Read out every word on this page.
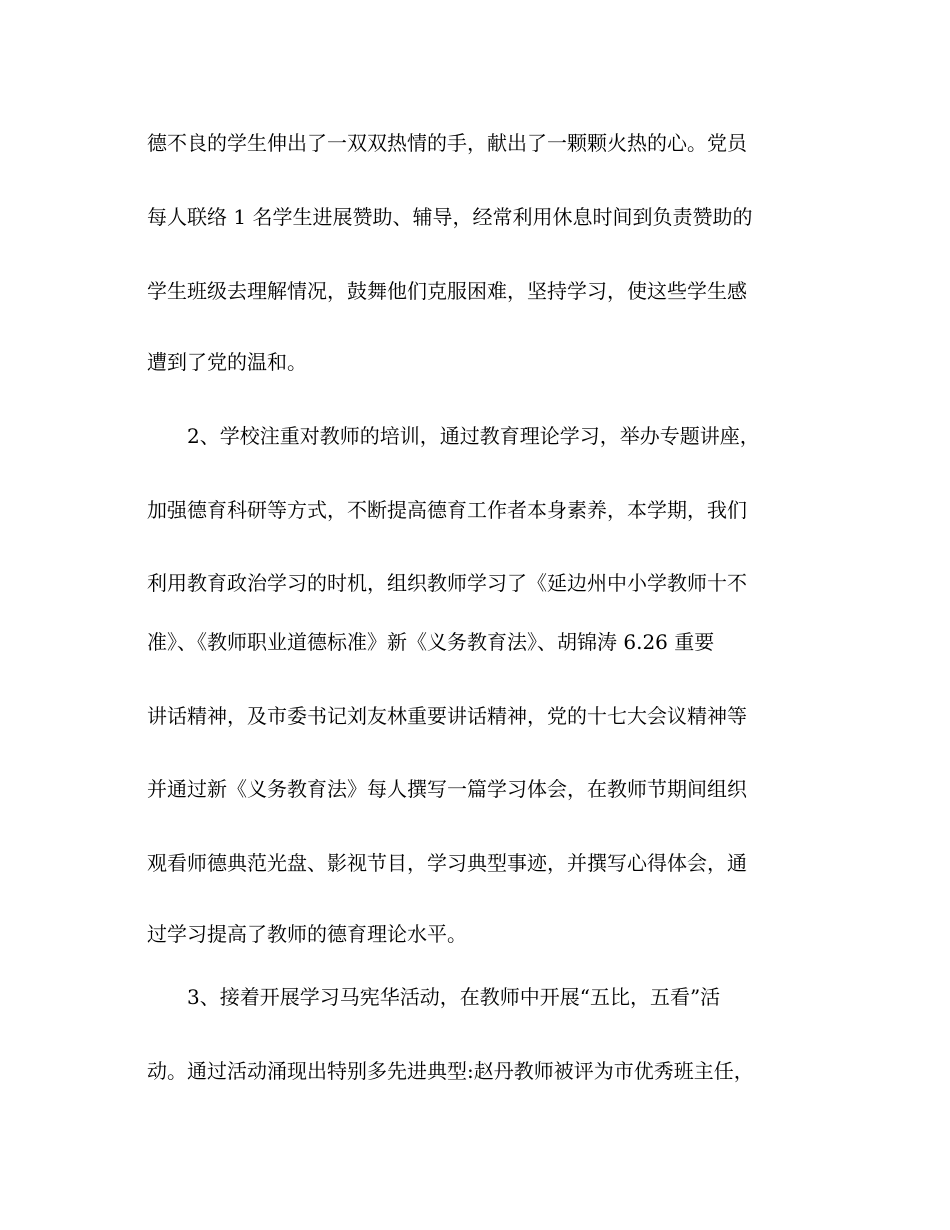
德不良的学生伸出了一双双热情的手，献出了一颗颗火热的心。党员
每人联络 1 名学生进展赞助、辅导，经常利用休息时间到负责赞助的
学生班级去理解情况，鼓舞他们克服困难，坚持学习，使这些学生感
遭到了党的温和。
2、学校注重对教师的培训，通过教育理论学习，举办专题讲座，
加强德育科研等方式，不断提高德育工作者本身素养，本学期，我们
利用教育政治学习的时机，组织教师学习了《延边州中小学教师十不
准》、《教师职业道德标准》新《义务教育法》、胡锦涛 6.26 重要
讲话精神，及市委书记刘友林重要讲话精神，党的十七大会议精神等
并通过新《义务教育法》每人撰写一篇学习体会，在教师节期间组织
观看师德典范光盘、影视节目，学习典型事迹，并撰写心得体会，通
过学习提高了教师的德育理论水平。
3、接着开展学习马宪华活动，在教师中开展“五比，五看”活
动。通过活动涌现出特别多先进典型:赵丹教师被评为市优秀班主任，
